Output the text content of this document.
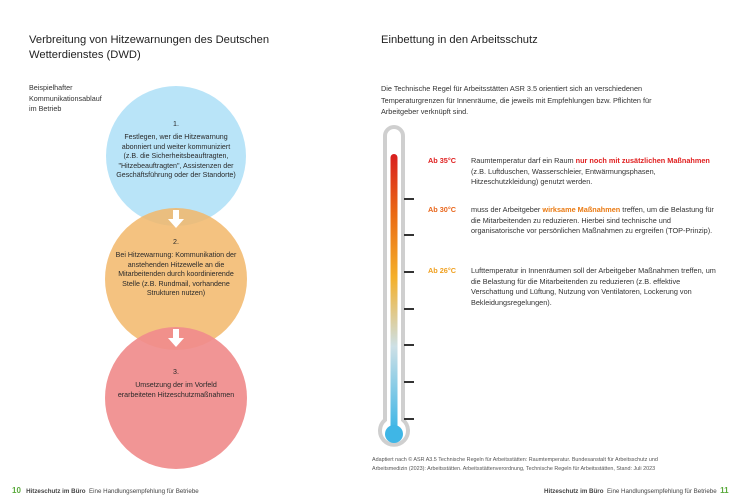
Verbreitung von Hitzewarnungen des Deutschen Wetterdienstes (DWD)
Beispielhafter Kommunikationsablauf im Betrieb
1.
Festlegen, wer die Hitzewarnung abonniert und weiter kommuniziert (z.B. die Sicherheitsbeauftragten, "Hitzebeauftragten", Assistenzen der Geschäftsführung oder der Standorte)
2.
Bei Hitzewarnung: Kommunikation der anstehenden Hitzewelle an die Mitarbeitenden durch koordinierende Stelle (z.B. Rundmail, vorhandene Strukturen nutzen)
3.
Umsetzung der im Vorfeld erarbeiteten Hitzeschutzmaßnahmen
Einbettung in den Arbeitsschutz
Die Technische Regel für Arbeitsstätten ASR 3.5 orientiert sich an verschiedenen Temperaturgrenzen für Innenräume, die jeweils mit Empfehlungen bzw. Pflichten für Arbeitgeber verknüpft sind.
Ab 35°C Raumtemperatur darf ein Raum nur noch mit zusätzlichen Maßnahmen (z.B. Luftduschen, Wasserschleier, Entwärmungsphasen, Hitzeschutzkleidung) genutzt werden.
Ab 30°C muss der Arbeitgeber wirksame Maßnahmen treffen, um die Belastung für die Mitarbeitenden zu reduzieren. Hierbei sind technische und organisatorische vor persönlichen Maßnahmen zu ergreifen (TOP-Prinzip).
Ab 26°C Lufttemperatur in Innenräumen soll der Arbeitgeber Maßnahmen treffen, um die Belastung für die Mitarbeitenden zu reduzieren (z.B. effektive Verschattung und Lüftung, Nutzung von Ventilatoren, Lockerung von Bekleidungsregelungen).
Adaptiert nach © ASR A3.5 Technische Regeln für Arbeitsstätten: Raumtemperatur. Bundesanstalt für Arbeitsschutz und Arbeitsmedizin (2023): Arbeitsstätten. Arbeitsstättenverordnung, Technische Regeln für Arbeitsstätten, Stand: Juli 2023
10 Hitzeschutz im Büro Eine Handlungsempfehlung für Betriebe	Hitzeschutz im Büro Eine Handlungsempfehlung für Betriebe 11
